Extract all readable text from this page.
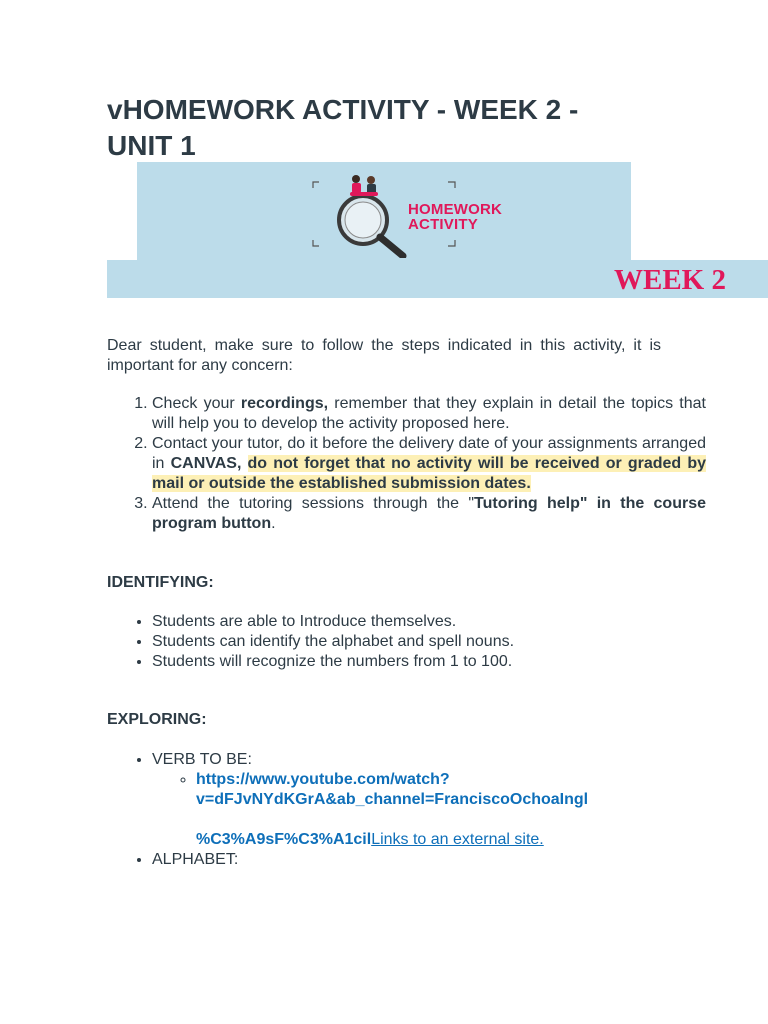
vHOMEWORK ACTIVITY - WEEK 2 - UNIT 1
HOMEWORK
ACTIVITY
WEEK 2

Dear student, make sure to follow the steps indicated in this activity, it is important for any concern:

1. Check your recordings, remember that they explain in detail the topics that will help you to develop the activity proposed here.
2. Contact your tutor, do it before the delivery date of your assignments arranged in CANVAS, do not forget that no activity will be received or graded by mail or outside the established submission dates.
3. Attend the tutoring sessions through the "Tutoring help" in the course program button.

IDENTIFYING:

• Students are able to Introduce themselves.
• Students can identify the alphabet and spell nouns.
• Students will recognize the numbers from 1 to 100.

EXPLORING:

• VERB TO BE:
◦ https://www.youtube.com/watch?
v=dFJvNYdKGrA&ab_channel=FranciscoOchoaIngl

%C3%A9sF%C3%A1cilLinks to an external site.
• ALPHABET:
